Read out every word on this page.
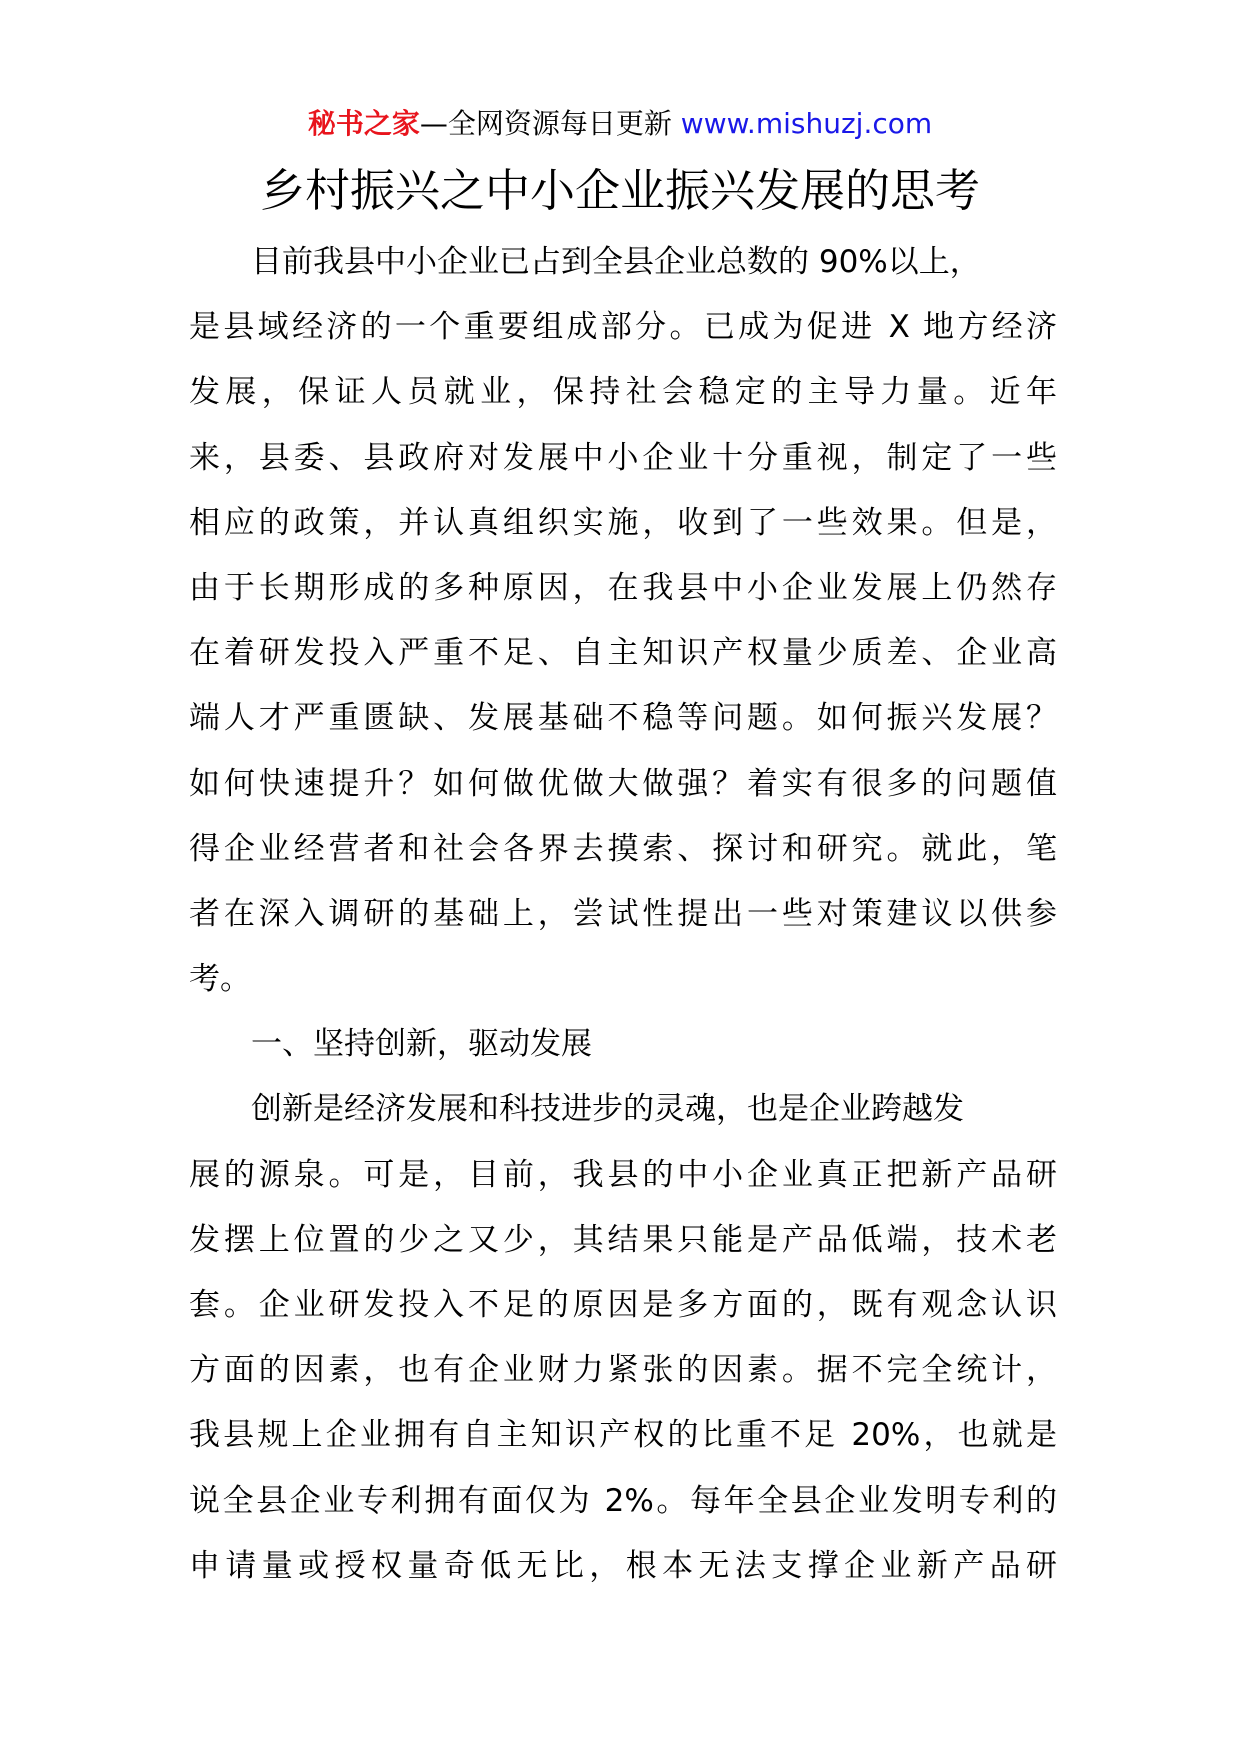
秘书之家—全网资源每日更新 www.mishuzj.com
乡村振兴之中小企业振兴发展的思考
目前我县中小企业已占到全县企业总数的 90%以上，
是县域经济的一个重要组成部分。已成为促进 X 地方经济
发展，保证人员就业，保持社会稳定的主导力量。近年
来，县委、县政府对发展中小企业十分重视，制定了一些
相应的政策，并认真组织实施，收到了一些效果。但是，
由于长期形成的多种原因，在我县中小企业发展上仍然存
在着研发投入严重不足、自主知识产权量少质差、企业高
端人才严重匮缺、发展基础不稳等问题。如何振兴发展？
如何快速提升？如何做优做大做强？着实有很多的问题值
得企业经营者和社会各界去摸索、探讨和研究。就此，笔
者在深入调研的基础上，尝试性提出一些对策建议以供参
考。
一、坚持创新，驱动发展
创新是经济发展和科技进步的灵魂，也是企业跨越发
展的源泉。可是，目前，我县的中小企业真正把新产品研
发摆上位置的少之又少，其结果只能是产品低端，技术老
套。企业研发投入不足的原因是多方面的，既有观念认识
方面的因素，也有企业财力紧张的因素。据不完全统计，
我县规上企业拥有自主知识产权的比重不足 20%，也就是
说全县企业专利拥有面仅为 2%。每年全县企业发明专利的
申请量或授权量奇低无比，根本无法支撑企业新产品研
